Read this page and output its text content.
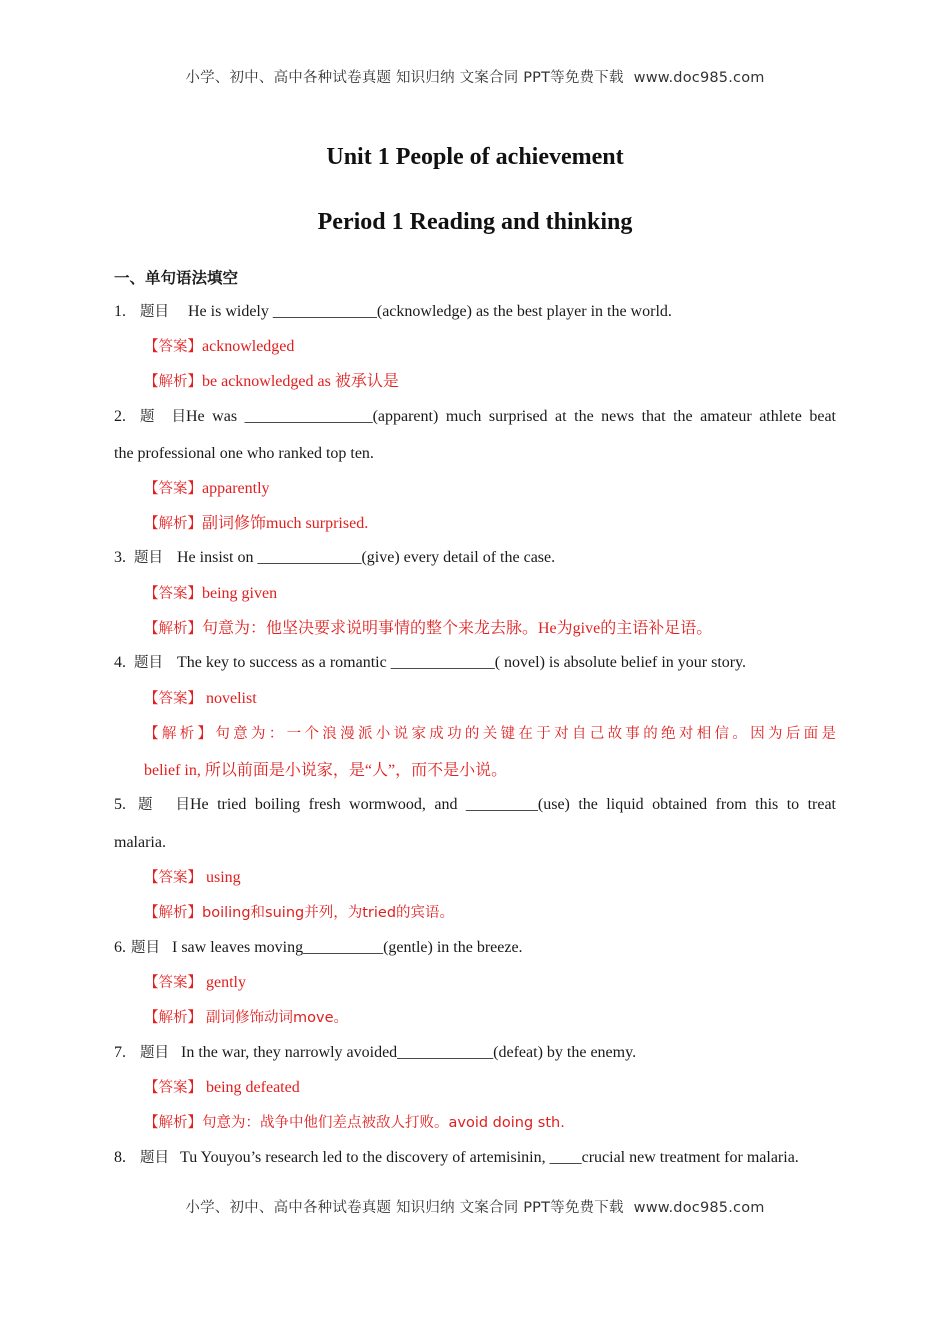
小学、初中、高中各种试卷真题 知识归纳 文案合同 PPT等免费下载 www.doc985.com
Unit 1 People of achievement
Period 1 Reading and thinking
一、单句语法填空
1. 题目 He is widely _____________(acknowledge) as the best player in the world.
【答案】acknowledged
【解析】be acknowledged as 被承认是
2. 题目He was ________________(apparent) much surprised at the news that the amateur athlete beat
the professional one who ranked top ten.
【答案】apparently
【解析】副词修饰much surprised.
3. 题目 He insist on _____________(give) every detail of the case.
【答案】being given
【解析】句意为：他坚决要求说明事情的整个来龙去脉。He为give的主语补足语。
4. 题目 The key to success as a romantic _____________( novel) is absolute belief in your story.
【答案】 novelist
【解析】句意为：一个浪漫派小说家成功的关键在于对自己故事的绝对相信。因为后面是
belief in, 所以前面是小说家，是“人”，而不是小说。
5. 题目He tried boiling fresh wormwood, and _________(use) the liquid obtained from this to treat
malaria.
【答案】 using
【解析】boiling和suing并列，为tried的宾语。
6. 题目 I saw leaves moving__________(gentle) in the breeze.
【答案】 gently
【解析】 副词修饰动词move。
7. 题目 In the war, they narrowly avoided____________(defeat) by the enemy.
【答案】 being defeated
【解析】句意为：战争中他们差点被敌人打败。avoid doing sth.
8. 题目 Tu Youyou’s research led to the discovery of artemisinin, ____crucial new treatment for malaria.
小学、初中、高中各种试卷真题 知识归纳 文案合同 PPT等免费下载 www.doc985.com
